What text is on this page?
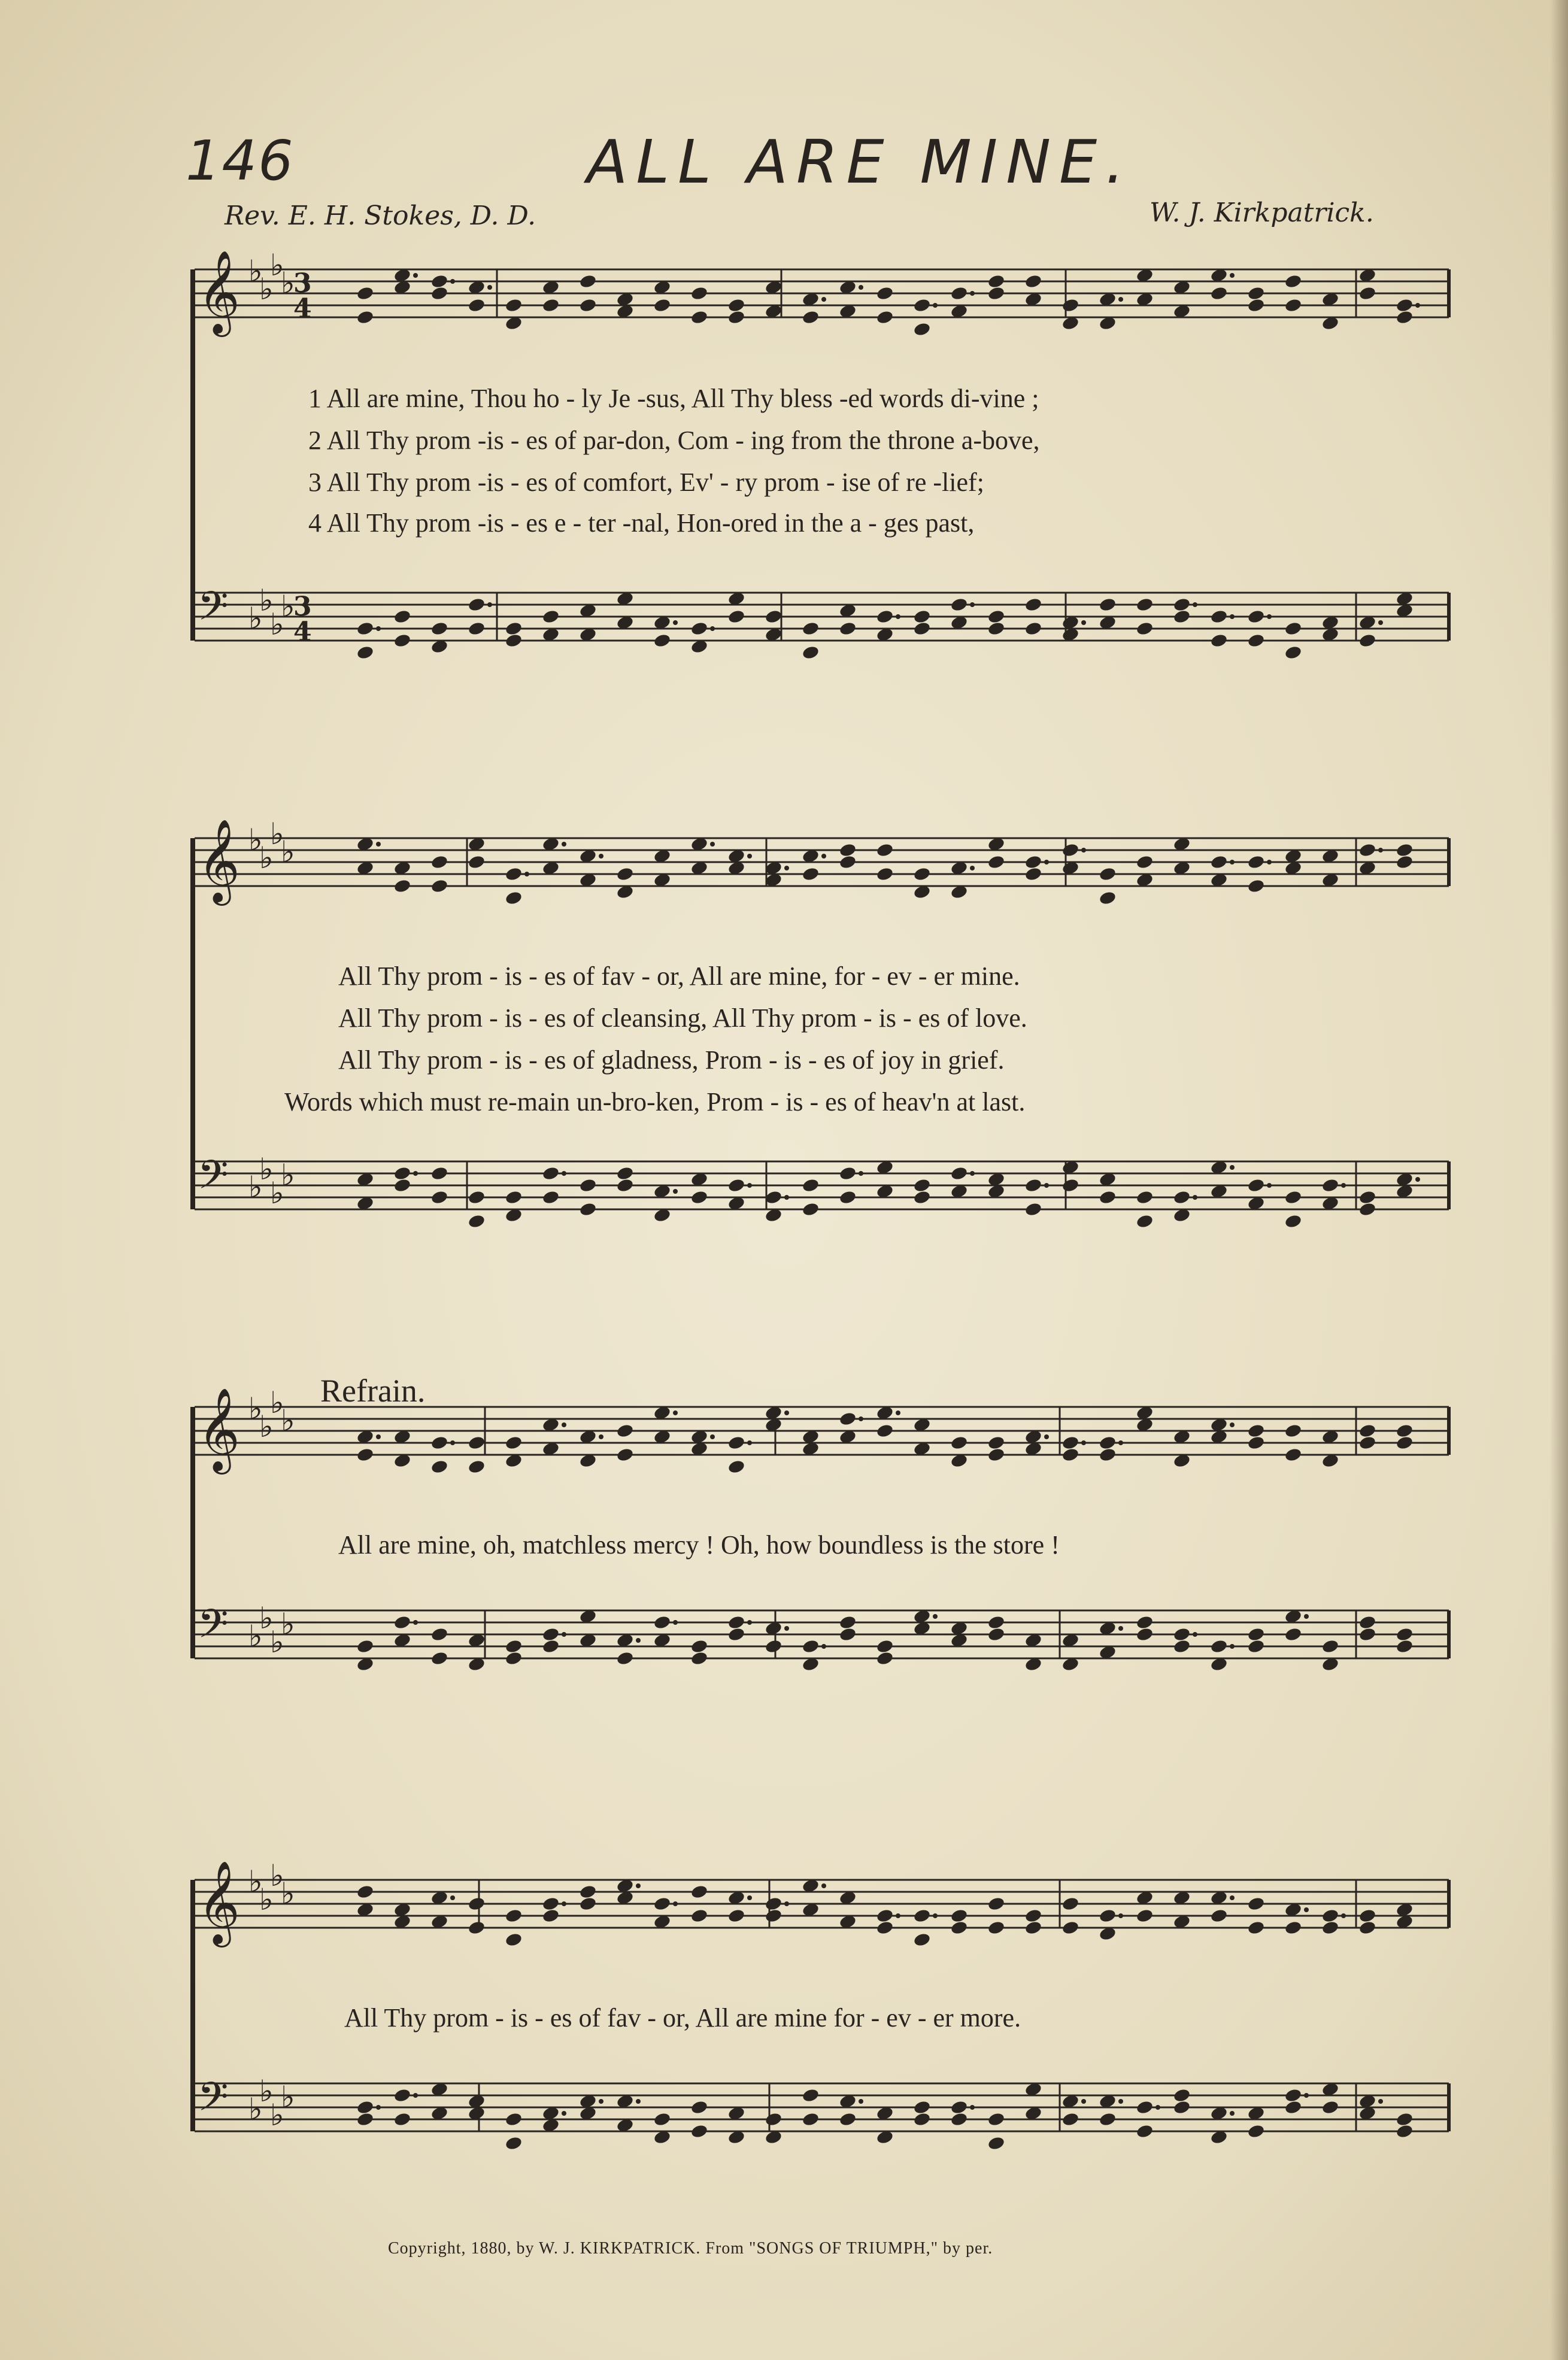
146	ALL ARE MINE.
Rev. E. H. Stokes, D. D.	W. J. Kirkpatrick.
𝄞 ♭
♭
♭
♭
3
4
𝄢 ♭
♭
♭
♭
3
4
1 All are mine, Thou ho - ly Je -sus, All Thy bless -ed words di-vine ;
2 All Thy prom -is - es of par-don, Com - ing from the throne a-bove,
3 All Thy prom -is - es of comfort, Ev' - ry prom - ise of re -lief;
4 All Thy prom -is - es e - ter -nal, Hon-ored in the a - ges past,
𝄞 ♭
♭
♭
♭
𝄢 ♭
♭
♭
♭
All Thy prom - is - es of fav - or, All are mine, for - ev - er mine.
All Thy prom - is - es of cleansing, All Thy prom - is - es of love.
All Thy prom - is - es of gladness, Prom - is - es of joy in grief.
Words which must re-main un-bro-ken, Prom - is - es of heav'n at last.
Refrain.
𝄞 ♭
♭
♭
♭
𝄢 ♭
♭
♭
♭
All are mine, oh, matchless mercy ! Oh, how boundless is the store !
𝄞 ♭
♭
♭
♭
𝄢 ♭
♭
♭
♭
All Thy prom - is - es of fav - or, All are mine for - ev - er more.
Copyright, 1880, by W. J. KIRKPATRICK. From "SONGS OF TRIUMPH," by per.
